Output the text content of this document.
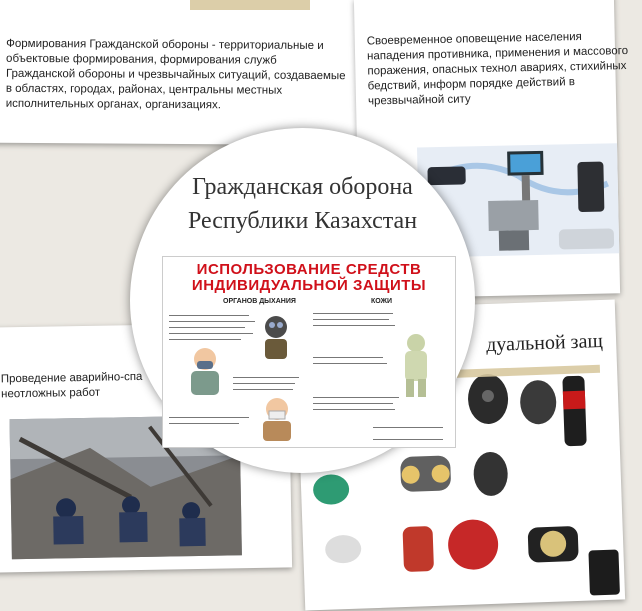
Формирования Гражданской обороны - территориальные и объектовые формирования, формирования служб Гражданской обороны и чрезвычайных ситуаций, создаваемые в областях, городах, районах, центральны местных исполнительных органах, организациях.
Своевременное оповещение населения нападения противника, применения и массового поражения, опасных технол авариях, стихийных бедствий, информ порядке действий в чрезвычайной ситу
Проведение аварийно-спа неотложных работ
дуальной защ
Гражданская оборона
Республики Казахстан
ИСПОЛЬЗОВАНИЕ СРЕДСТВ
ИНДИВИДУАЛЬНОЙ ЗАЩИТЫ
ОРГАНОВ ДЫХАНИЯ	КОЖИ
